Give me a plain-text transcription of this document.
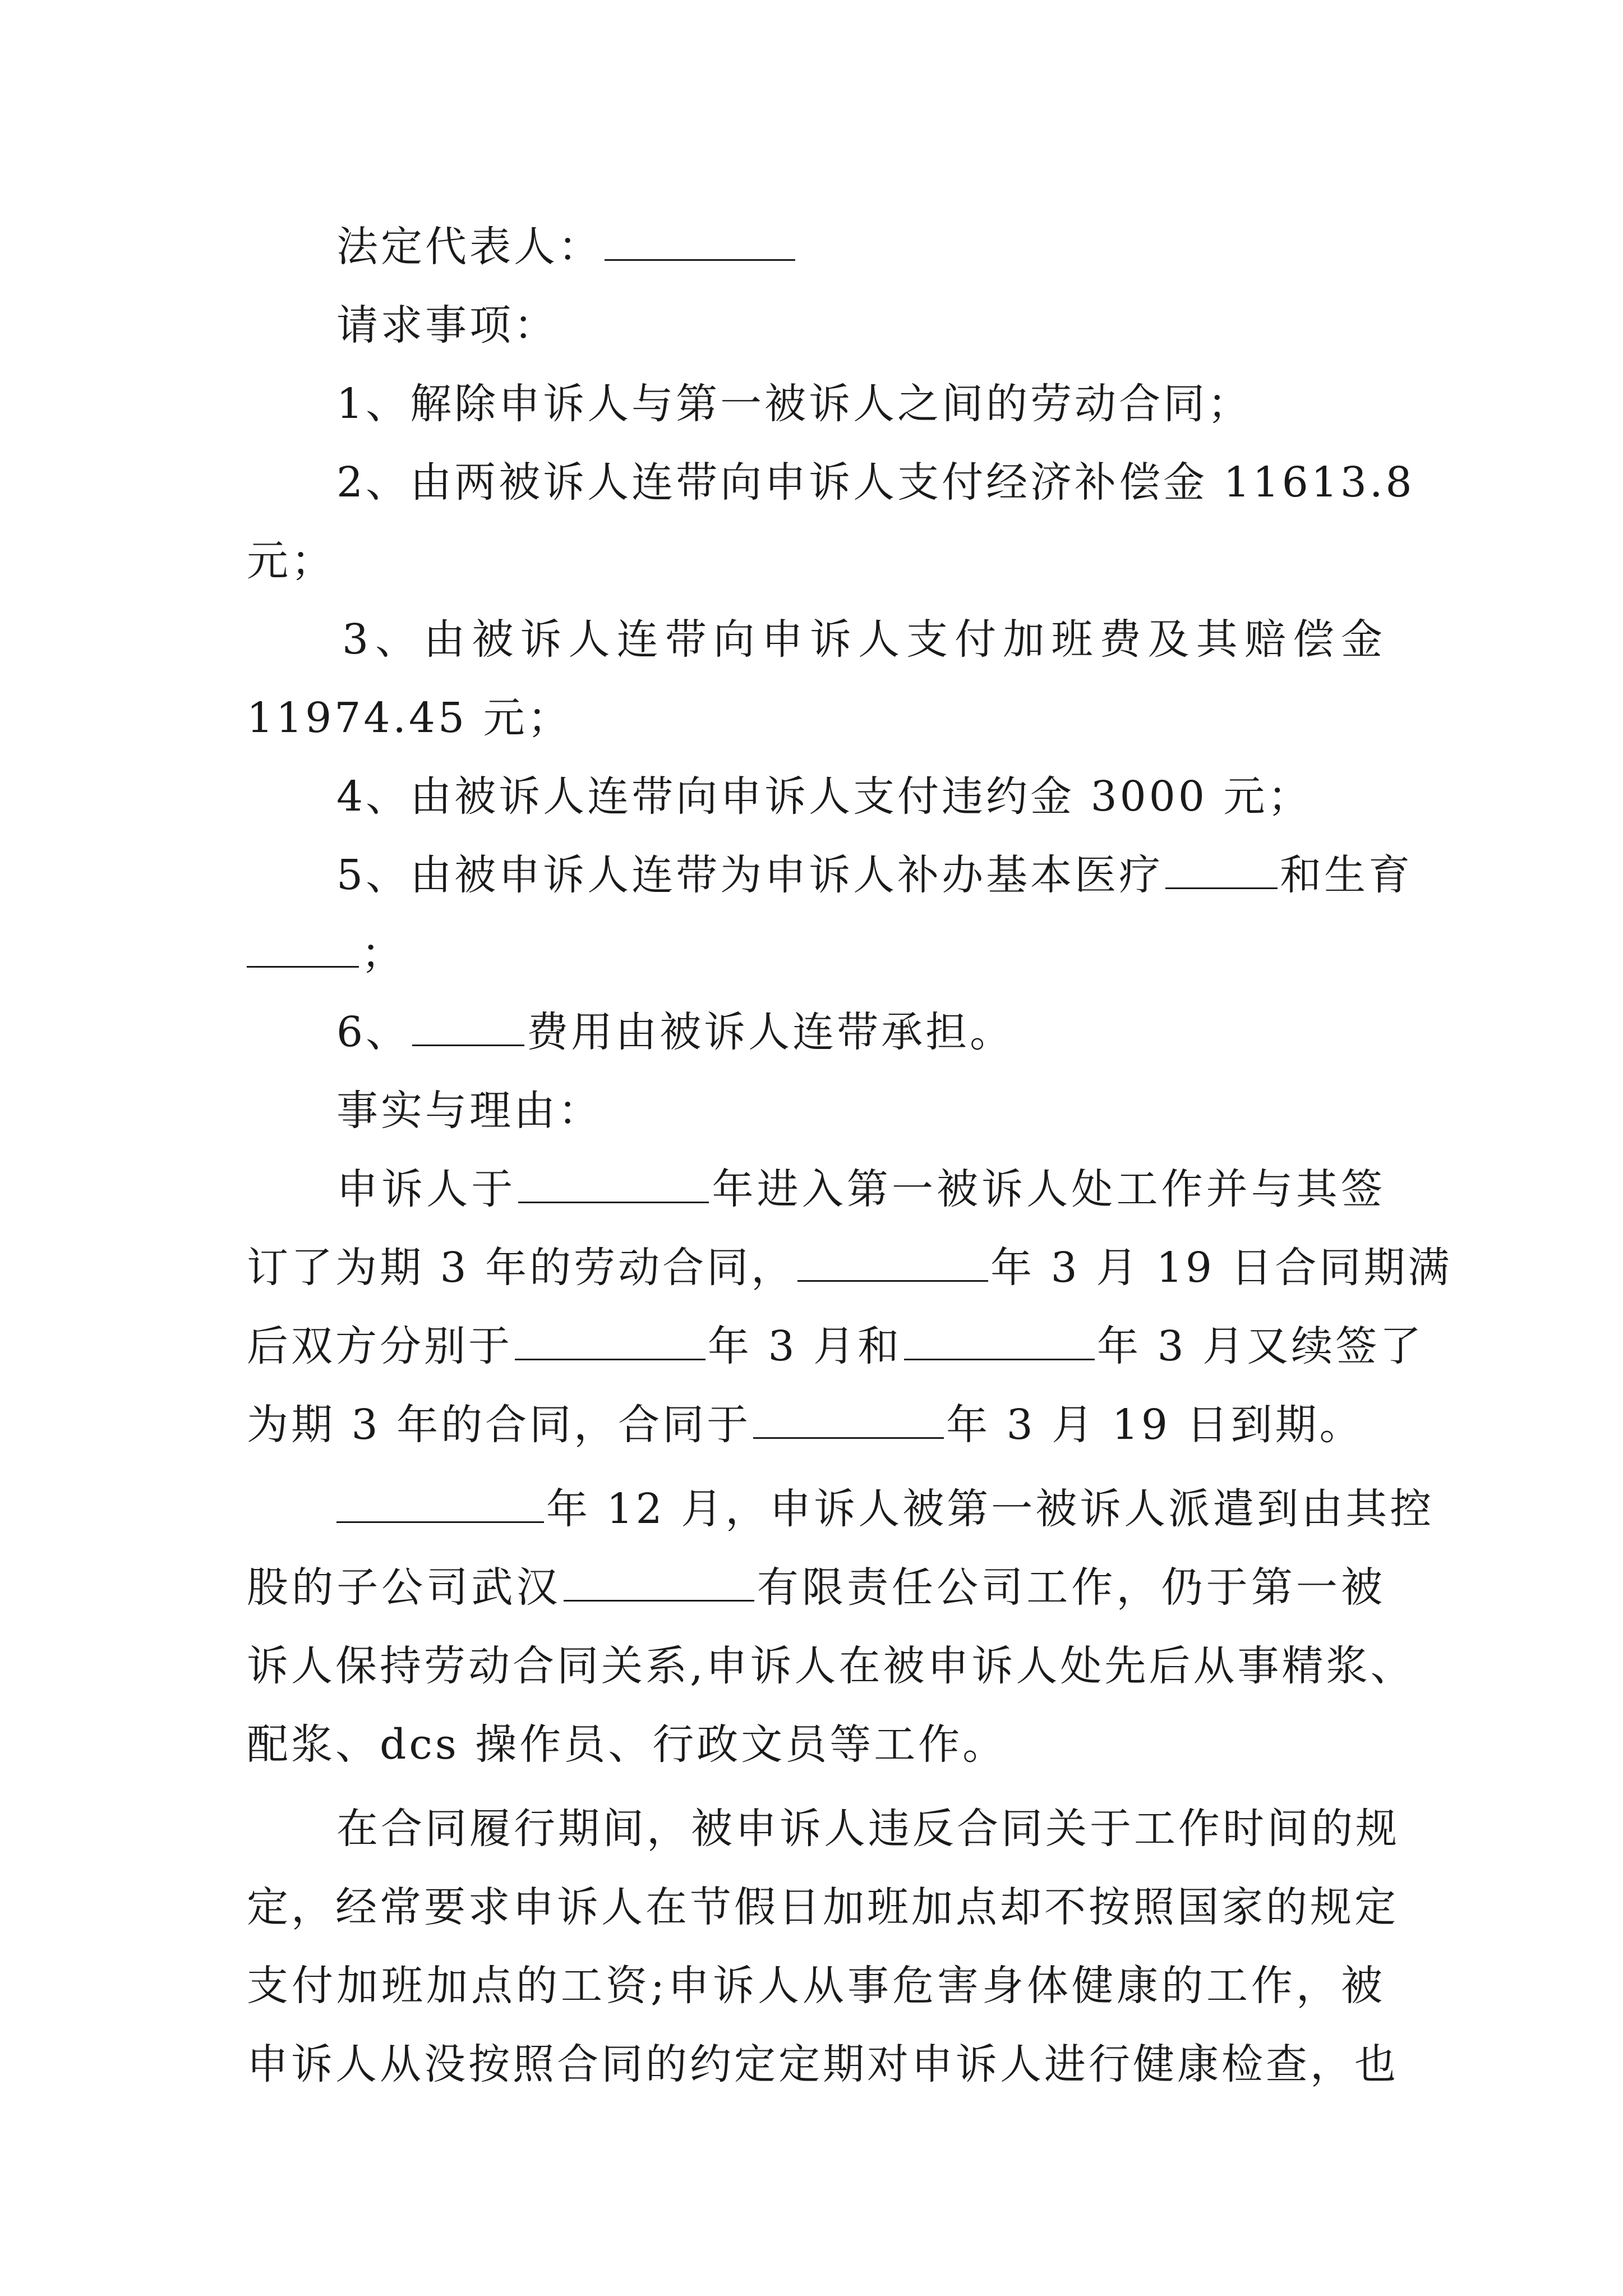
法定代表人：
请求事项：
1、解除申诉人与第一被诉人之间的劳动合同；
2、由两被诉人连带向申诉人支付经济补偿金 11613.8
元；
3、由被诉人连带向申诉人支付加班费及其赔偿金
11974.45 元；
4、由被诉人连带向申诉人支付违约金 3000 元；
5、由被申诉人连带为申诉人补办基本医疗	和生育
；
6、	费用由被诉人连带承担。
事实与理由：
申诉人于	年进入第一被诉人处工作并与其签
订了为期 3 年的劳动合同，	年 3 月 19 日合同期满
后双方分别于	年 3 月和	年 3 月又续签了
为期 3 年的合同，合同于	年 3 月 19 日到期。
年 12 月，申诉人被第一被诉人派遣到由其控
股的子公司武汉	有限责任公司工作，仍于第一被
诉人保持劳动合同关系,申诉人在被申诉人处先后从事精浆、
配浆、dcs 操作员、行政文员等工作。
在合同履行期间，被申诉人违反合同关于工作时间的规
定，经常要求申诉人在节假日加班加点却不按照国家的规定
支付加班加点的工资;申诉人从事危害身体健康的工作，被
申诉人从没按照合同的约定定期对申诉人进行健康检查，也
